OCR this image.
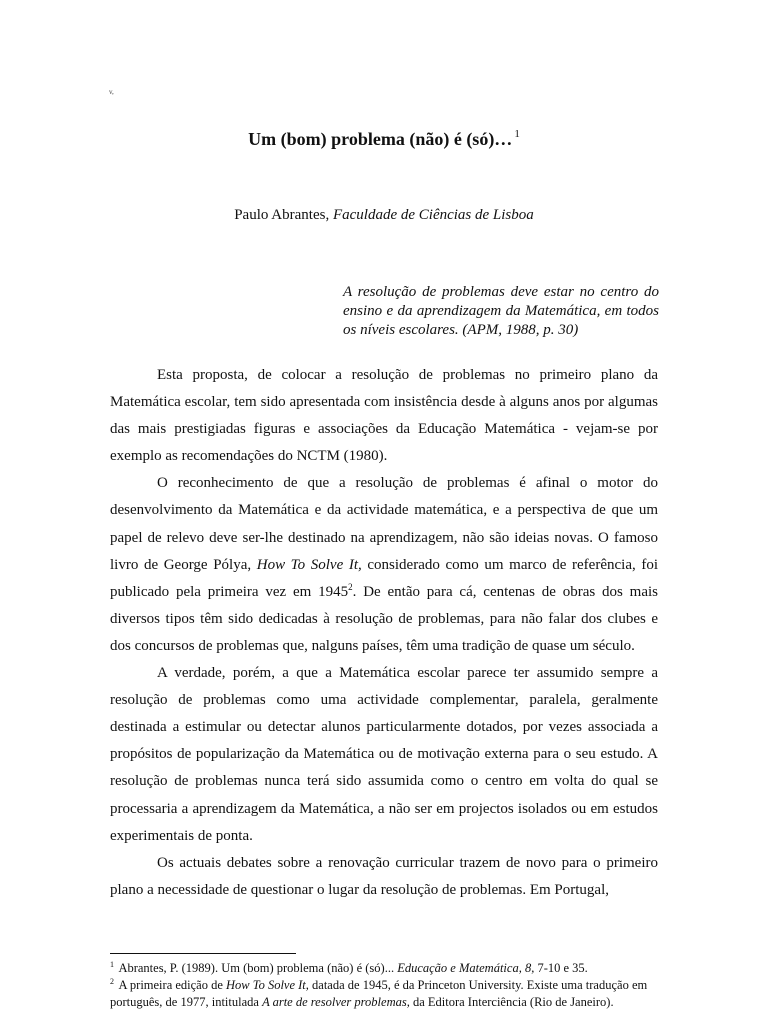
v,
Um (bom) problema (não) é (só)… $^1$
Paulo Abrantes, Faculdade de Ciências de Lisboa
A resolução de problemas deve estar no centro do ensino e da aprendizagem da Matemática, em todos os níveis escolares. (APM, 1988, p. 30)

Esta proposta, de colocar a resolução de problemas no primeiro plano da Matemática escolar, tem sido apresentada com insistência desde à alguns anos por algumas das mais prestigiadas figuras e associações da Educação Matemática - vejam-se por exemplo as recomendações do NCTM (1980).

O reconhecimento de que a resolução de problemas é afinal o motor do desenvolvimento da Matemática e da actividade matemática, e a perspectiva de que um papel de relevo deve ser-lhe destinado na aprendizagem, não são ideias novas. O famoso livro de George Pólya, How To Solve It, considerado como um marco de referência, foi publicado pela primeira vez em 1945$^2$. De então para cá, centenas de obras dos mais diversos tipos têm sido dedicadas à resolução de problemas, para não falar dos clubes e dos concursos de problemas que, nalguns países, têm uma tradição de quase um século.

A verdade, porém, a que a Matemática escolar parece ter assumido sempre a resolução de problemas como uma actividade complementar, paralela, geralmente destinada a estimular ou detectar alunos particularmente dotados, por vezes associada a propósitos de popularização da Matemática ou de motivação externa para o seu estudo. A resolução de problemas nunca terá sido assumida como o centro em volta do qual se processaria a aprendizagem da Matemática, a não ser em projectos isolados ou em estudos experimentais de ponta.

Os actuais debates sobre a renovação curricular trazem de novo para o primeiro plano a necessidade de questionar o lugar da resolução de problemas. Em Portugal,

$^1$ Abrantes, P. (1989). Um (bom) problema (não) é (só)... Educação e Matemática, 8, 7-10 e 35.

$^2$ A primeira edição de How To Solve It, datada de 1945, é da Princeton University. Existe uma tradução em português, de 1977, intitulada A arte de resolver problemas, da Editora Interciência (Rio de Janeiro).
